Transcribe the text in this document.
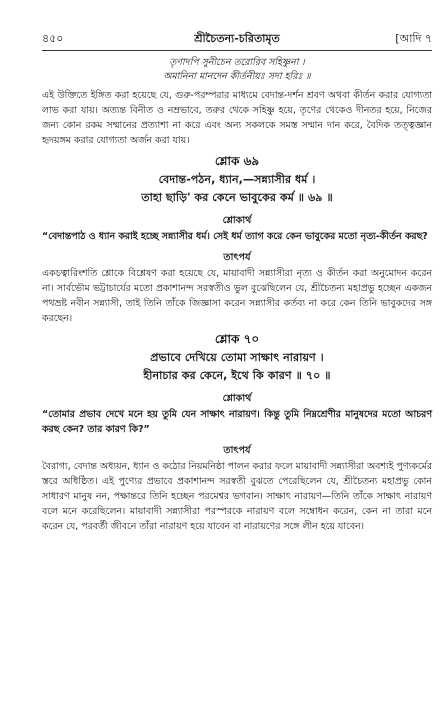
শ্রীচৈতন্য-চরিতামৃত
৪৫০	[আদি ৭
তৃণাদপি সুনীচেন তরোরিব সহিষ্ণুনা ।
অমানিনা মানদেন কীর্তনীয়ঃ সদা হরিঃ ॥

এই উক্তিতে ইঙ্গিত করা হয়েছে যে, গুরু-পরম্পরার মাধ্যমে বেদান্ত-দর্শন শ্রবণ অথবা কীর্তন করার যোগ্যতা লাভ করা যায়। অত্যন্ত বিনীত ও নম্রভাবে, তরুর থেকে সহিষ্ণু হয়ে, তৃণের থেকেও দীনতর হয়ে, নিজের জন্য কোন রকম সম্মানের প্রত্যাশা না করে এবং অন্য সকলকে সমস্ত সম্মান দান করে, বৈদিক তত্ত্বজ্ঞান হৃদয়ঙ্গম করার যোগ্যতা অর্জন করা যায়।

শ্লোক ৬৯
বেদান্ত-পঠন, ধ্যান,—সন্ন্যাসীর ধর্ম ।
তাহা ছাড়ি' কর কেনে ভাবুকের কর্ম ॥ ৬৯ ॥
শ্লোকার্থ

“বেদান্তপাঠ ও ধ্যান করাই হচ্ছে সন্ন্যাসীর ধর্ম। সেই ধর্ম ত্যাগ করে কেন ভাবুকের মতো নৃত্য-কীর্তন করছ?

তাৎপর্য

একচত্বারিংশতি শ্লোকে বিশ্লেষণ করা হয়েছে যে, মায়াবাদী সন্ন্যাসীরা নৃত্য ও কীর্তন করা অনুমোদন করেন না। সার্বভৌম ভট্টাচার্যের মতো প্রকাশানন্দ সরস্বতীও ভুল বুঝেছিলেন যে, শ্রীচৈতন্য মহাপ্রভু হচ্ছেন একজন পথভ্রষ্ট নবীন সন্ন্যাসী, তাই তিনি তাঁকে জিজ্ঞাসা করেন সন্ন্যাসীর কর্তব্য না করে কেন তিনি ভাবুকদের সঙ্গ করছেন।

শ্লোক ৭০
প্রভাবে দেখিয়ে তোমা সাক্ষাৎ নারায়ণ ।
হীনাচার কর কেনে, ইথে কি কারণ ॥ ৭০ ॥
শ্লোকার্থ

“তোমার প্রভাব দেখে মনে হয় তুমি যেন সাক্ষাৎ নারায়ণ। কিন্তু তুমি নিম্নশ্রেণীর মানুষদের মতো আচরণ করছ কেন? তার কারণ কি?”

তাৎপর্য

বৈরাগ্য, বেদান্ত অধ্যয়ন, ধ্যান ও কঠোর নিয়মনিষ্ঠা পালন করার ফলে মায়াবাদী সন্ন্যাসীরা অবশ্যই পুণ্যকর্মের স্তরে অধিষ্ঠিত। এই পুণ্যের প্রভাবে প্রকাশানন্দ সরস্বতী বুঝতে পেরেছিলেন যে, শ্রীচৈতন্য মহাপ্রভু কোন সাধারণ মানুষ নন, পক্ষান্তরে তিনি হচ্ছেন পরমেশ্বর ভগবান। সাক্ষাৎ নারায়ণ—তিনি তাঁকে সাক্ষাৎ নারায়ণ বলে মনে করেছিলেন। মায়াবাদী সন্ন্যাসীরা পরস্পরকে নারায়ণ বলে সম্বোধন করেন, কেন না তারা মনে করেন যে, পরবর্তী জীবনে তাঁরা নারায়ণ হয়ে যাবেন বা নারায়ণের সঙ্গে লীন হয়ে যাবেন।
